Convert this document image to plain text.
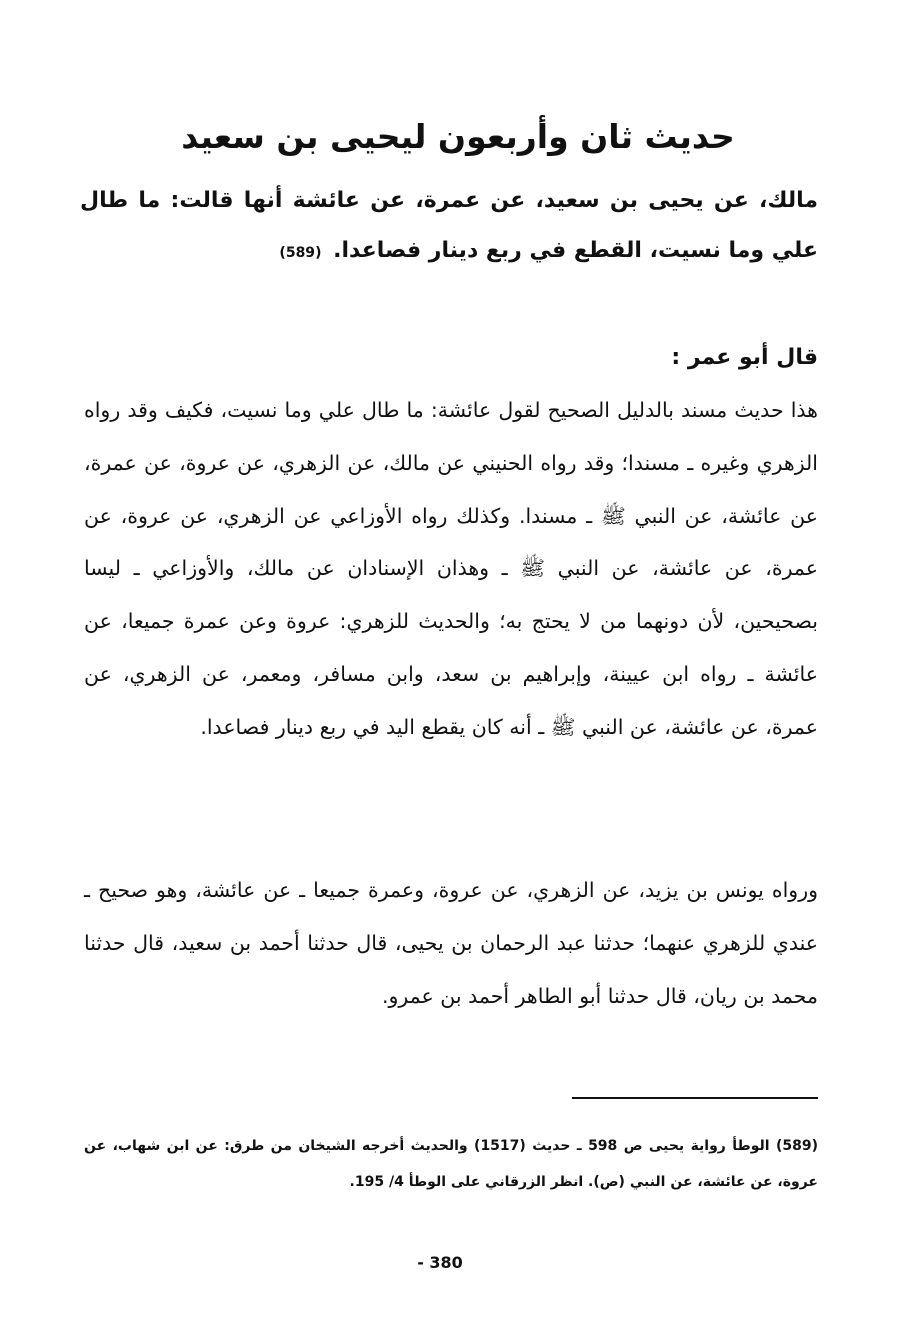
حديث ثان وأربعون ليحيى بن سعيد

مالك، عن يحيى بن سعيد، عن عمرة، عن عائشة أنها قالت: ما طال علي وما نسيت، القطع في ربع دينار فصاعدا. (589)

قال أبو عمر :

هذا حديث مسند بالدليل الصحيح لقول عائشة: ما طال علي وما نسيت، فكيف وقد رواه الزهري وغيره ـ مسندا؛ وقد رواه الحنيني عن مالك، عن الزهري، عن عروة، عن عمرة، عن عائشة، عن النبي ﷺ ـ مسندا. وكذلك رواه الأوزاعي عن الزهري، عن عروة، عن عمرة، عن عائشة، عن النبي ﷺ ـ وهذان الإسنادان عن مالك، والأوزاعي ـ ليسا بصحيحين، لأن دونهما من لا يحتج به؛ والحديث للزهري: عروة وعن عمرة جميعا، عن عائشة ـ رواه ابن عيينة، وإبراهيم بن سعد، وابن مسافر، ومعمر، عن الزهري، عن عمرة، عن عائشة، عن النبي ﷺ ـ أنه كان يقطع اليد في ربع دينار فصاعدا.

ورواه يونس بن يزيد، عن الزهري، عن عروة، وعمرة جميعا ـ عن عائشة، وهو صحيح ـ عندي للزهري عنهما؛ حدثنا عبد الرحمان بن يحيى، قال حدثنا أحمد بن سعيد، قال حدثنا محمد بن ريان، قال حدثنا أبو الطاهر أحمد بن عمرو.

(589) الوطأ رواية يحيى ص 598 ـ حديث (1517) والحديث أخرجه الشيخان من طرق: عن ابن شهاب، عن عروة، عن عائشة، عن النبي (ص). انظر الزرقاني على الوطأ 4/ 195.

- 380
